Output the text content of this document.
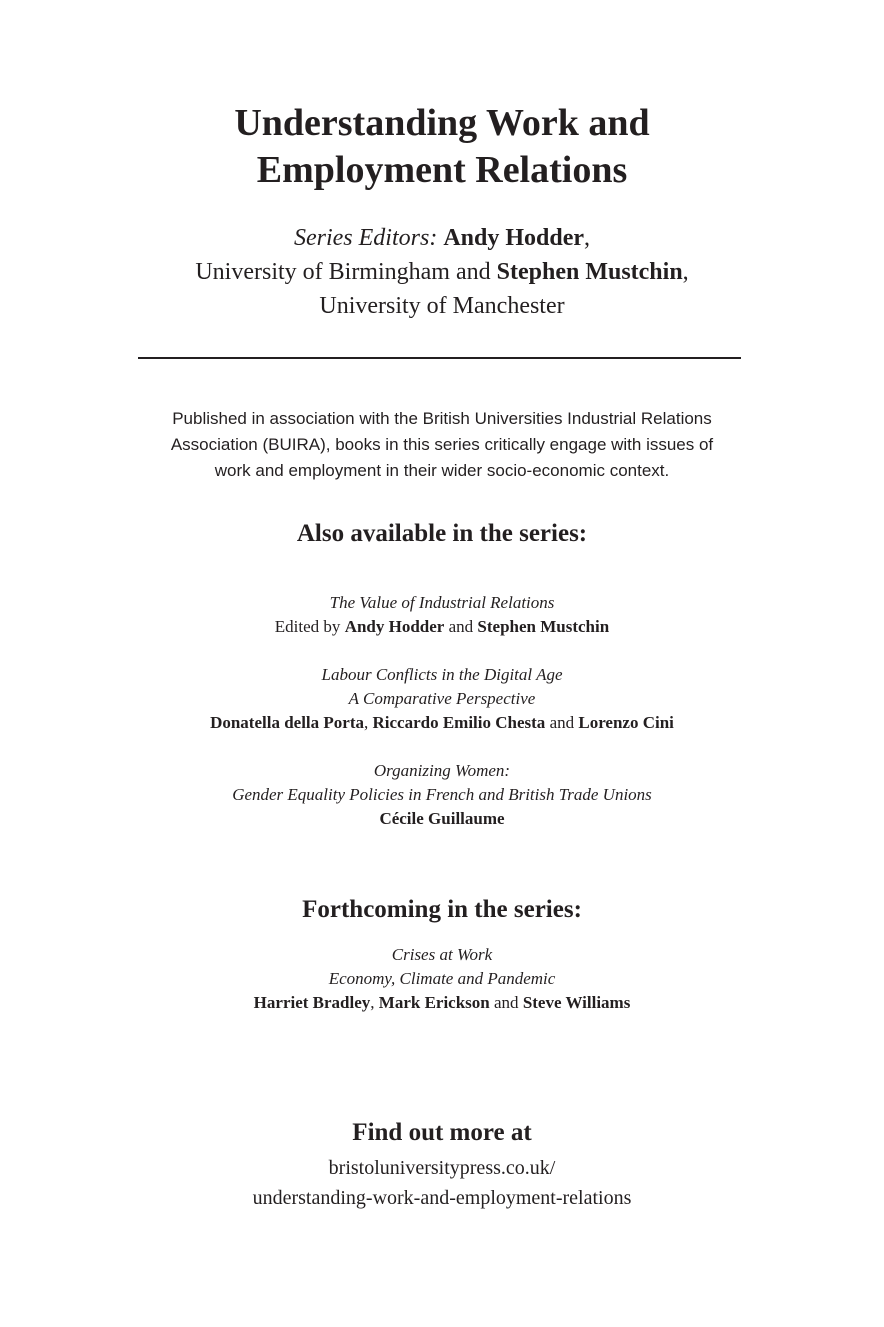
Understanding Work and
Employment Relations
Series Editors: Andy Hodder,
University of Birmingham and Stephen Mustchin,
University of Manchester
Published in association with the British Universities Industrial Relations
Association (BUIRA), books in this series critically engage with issues of
work and employment in their wider socio-economic context.
Also available in the series:
The Value of Industrial Relations
Edited by Andy Hodder and Stephen Mustchin
Labour Conflicts in the Digital Age
A Comparative Perspective
Donatella della Porta, Riccardo Emilio Chesta and Lorenzo Cini
Organizing Women:
Gender Equality Policies in French and British Trade Unions
Cécile Guillaume
Forthcoming in the series:
Crises at Work
Economy, Climate and Pandemic
Harriet Bradley, Mark Erickson and Steve Williams
Find out more at
bristoluniversitypress.co.uk/
understanding-work-and-employment-relations
